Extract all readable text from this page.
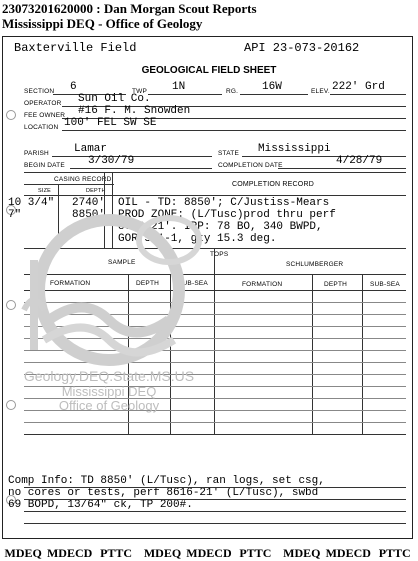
23073201620000 : Dan Morgan Scout Reports
Mississippi DEQ - Office of Geology
Baxterville Field	API 23-073-20162
GEOLOGICAL FIELD SHEET
SECTION 6	TWP 1N	RG. 16W	ELEV. 222' Grd
OPERATOR Sun Oil Co.
FEE OWNER #16 F. M. Snowden
LOCATION 100' FEL SW SE
PARISH Lamar	STATE Mississippi
BEGIN DATE 3/30/79	COMPLETION DATE	4/28/79
CASING RECORD
COMPLETION RECORD
SIZE	DEPTH
10 3/4" 2740'
7"	8850'
OIL - TD: 8850'; C/Justiss-Mears
PROD ZONE: (L/Tusc)prod thru perf
8616-21'. IPP: 78 BO, 340 BWPD,
GOR 551-1, gty 15.3 deg.
TOPS
SAMPLE	SCHLUMBERGER
FORMATION	DEPTH	SUB-SEA	FORMATION	DEPTH	SUB-SEA
Geology.DEQ.State.MS.US
Mississippi DEQ
Office of Geology
Comp Info: TD 8850' (L/Tusc), ran logs, set csg,
no cores or tests, perf 8616-21' (L/Tusc), swbd
69 BOPD, 13/64" ck, TP 200#.
MDEQ MDECD PTTC MDEQ MDECD PTTC MDEQ MDECD PTTC
